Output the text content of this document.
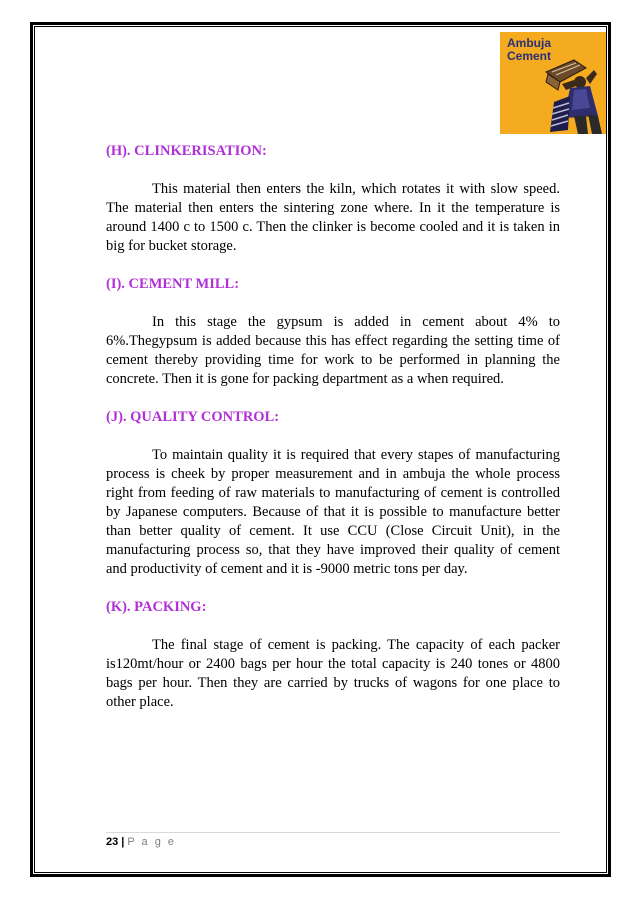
Ambuja
Cement

(H). CLINKERISATION:

This material then enters the kiln, which rotates it with slow speed. The material then enters the sintering zone where. In it the temperature is around 1400 c to 1500 c. Then the clinker is become cooled and it is taken in big for bucket storage.

(I). CEMENT MILL:

In this stage the gypsum is added in cement about 4% to 6%.Thegypsum is added because this has effect regarding the setting time of cement thereby providing time for work to be performed in planning the concrete. Then it is gone for packing department as a when required.

(J). QUALITY CONTROL:

To maintain quality it is required that every stapes of manufacturing process is cheek by proper measurement and in ambuja the whole process right from feeding of raw materials to manufacturing of cement is controlled by Japanese computers. Because of that it is possible to manufacture better than better quality of cement. It use CCU (Close Circuit Unit), in the manufacturing process so, that they have improved their quality of cement and productivity of cement and it is -9000 metric tons per day.

(K). PACKING:

The final stage of cement is packing. The capacity of each packer is120mt/hour or 2400 bags per hour the total capacity is 240 tones or 4800 bags per hour. Then they are carried by trucks of wagons for one place to other place.

23 | P a g e
